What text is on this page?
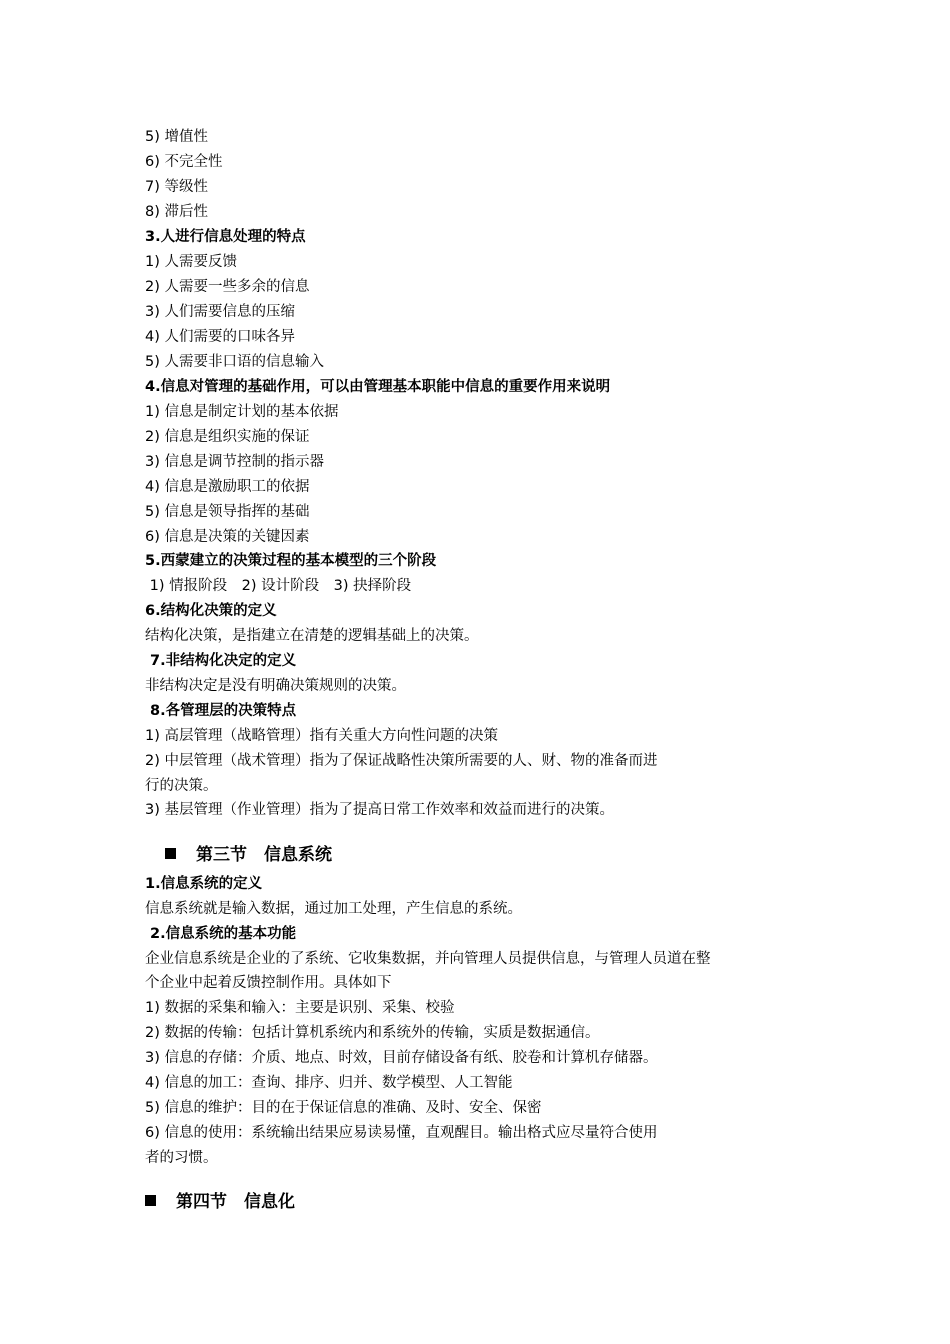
5) 增值性
6) 不完全性
7) 等级性
8) 滞后性
3.人进行信息处理的特点
1) 人需要反馈
2) 人需要一些多余的信息
3) 人们需要信息的压缩
4) 人们需要的口味各异
5) 人需要非口语的信息输入
4.信息对管理的基础作用，可以由管理基本职能中信息的重要作用来说明
1) 信息是制定计划的基本依据
2) 信息是组织实施的保证
3) 信息是调节控制的指示器
4) 信息是激励职工的依据
5) 信息是领导指挥的基础
6) 信息是决策的关键因素
5.西蒙建立的决策过程的基本模型的三个阶段
1) 情报阶段　2) 设计阶段　3) 抉择阶段
6.结构化决策的定义
结构化决策，是指建立在清楚的逻辑基础上的决策。
7.非结构化决定的定义
非结构决定是没有明确决策规则的决策。
8.各管理层的决策特点
1) 高层管理（战略管理）指有关重大方向性问题的决策
2) 中层管理（战术管理）指为了保证战略性决策所需要的人、财、物的准备而进
行的决策。
3) 基层管理（作业管理）指为了提高日常工作效率和效益而进行的决策。
第三节　信息系统
1.信息系统的定义
信息系统就是输入数据，通过加工处理，产生信息的系统。
2.信息系统的基本功能
企业信息系统是企业的了系统、它收集数据，并向管理人员提供信息，与管理人员道在整
个企业中起着反馈控制作用。具体如下
1) 数据的采集和输入：主要是识别、采集、校验
2) 数据的传输：包括计算机系统内和系统外的传输，实质是数据通信。
3) 信息的存储：介质、地点、时效，目前存储设备有纸、胶卷和计算机存储器。
4) 信息的加工：查询、排序、归并、数学模型、人工智能
5) 信息的维护：目的在于保证信息的准确、及时、安全、保密
6) 信息的使用：系统输出结果应易读易懂，直观醒目。输出格式应尽量符合使用
者的习惯。
第四节　信息化
